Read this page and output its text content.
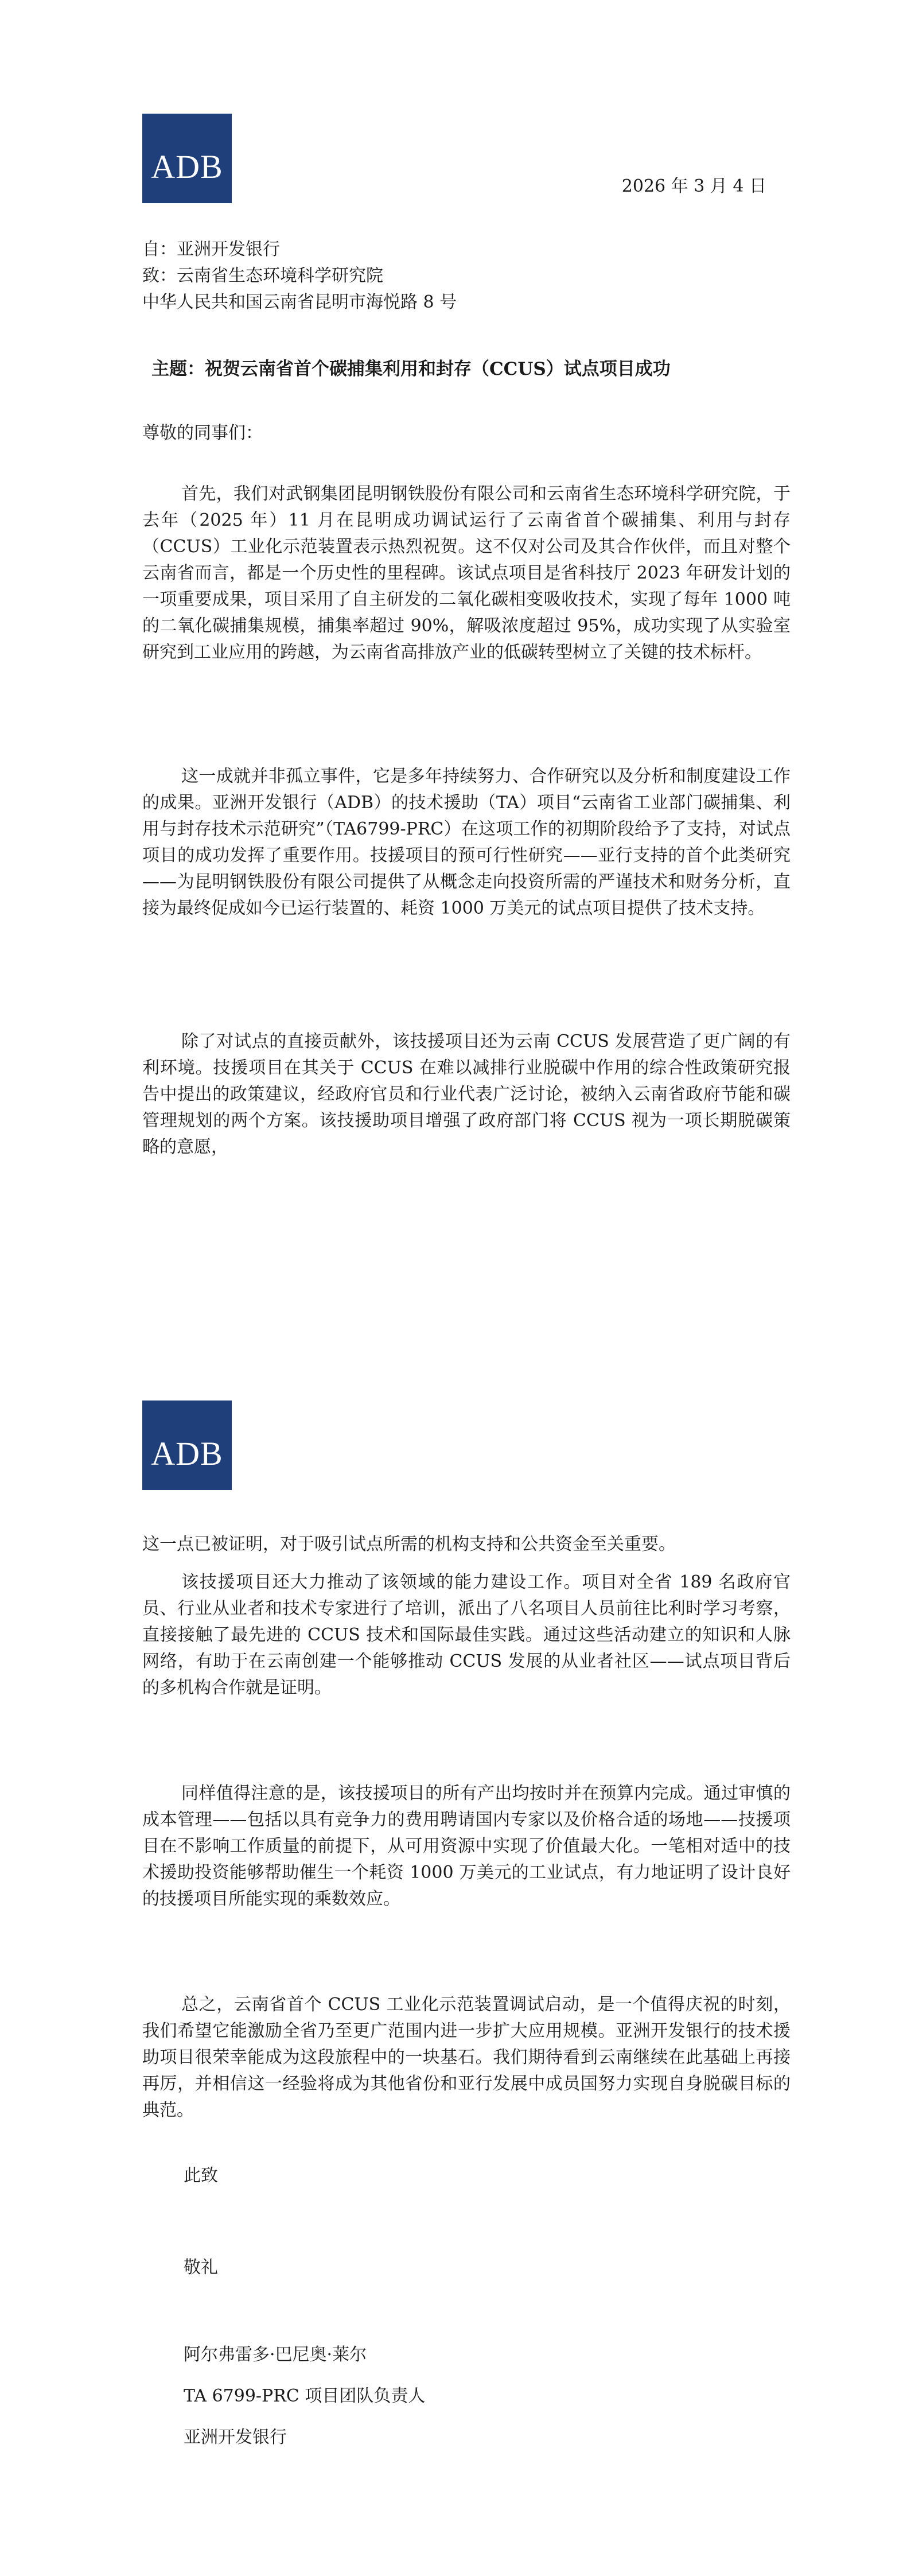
ADB
2026 年 3 月 4 日
自：亚洲开发银行
致：云南省生态环境科学研究院
中华人民共和国云南省昆明市海悦路 8 号
主题：祝贺云南省首个碳捕集利用和封存（CCUS）试点项目成功
尊敬的同事们：

首先，我们对武钢集团昆明钢铁股份有限公司和云南省生态环境科学研究院，于去年（2025 年）11 月在昆明成功调试运行了云南省首个碳捕集、利用与封存（CCUS）工业化示范装置表示热烈祝贺。这不仅对公司及其合作伙伴，而且对整个云南省而言，都是一个历史性的里程碑。该试点项目是省科技厅 2023 年研发计划的一项重要成果，项目采用了自主研发的二氧化碳相变吸收技术，实现了每年 1000 吨的二氧化碳捕集规模，捕集率超过 90%，解吸浓度超过 95%，成功实现了从实验室研究到工业应用的跨越，为云南省高排放产业的低碳转型树立了关键的技术标杆。

这一成就并非孤立事件，它是多年持续努力、合作研究以及分析和制度建设工作的成果。亚洲开发银行（ADB）的技术援助（TA）项目“云南省工业部门碳捕集、利用与封存技术示范研究”（TA6799-PRC）在这项工作的初期阶段给予了支持，对试点项目的成功发挥了重要作用。技援项目的预可行性研究——亚行支持的首个此类研究——为昆明钢铁股份有限公司提供了从概念走向投资所需的严谨技术和财务分析，直接为最终促成如今已运行装置的、耗资 1000 万美元的试点项目提供了技术支持。

除了对试点的直接贡献外，该技援项目还为云南 CCUS 发展营造了更广阔的有利环境。技援项目在其关于 CCUS 在难以减排行业脱碳中作用的综合性政策研究报告中提出的政策建议，经政府官员和行业代表广泛讨论，被纳入云南省政府节能和碳管理规划的两个方案。该技援助项目增强了政府部门将 CCUS 视为一项长期脱碳策略的意愿，

ADB

这一点已被证明，对于吸引试点所需的机构支持和公共资金至关重要。

该技援项目还大力推动了该领域的能力建设工作。项目对全省 189 名政府官员、行业从业者和技术专家进行了培训，派出了八名项目人员前往比利时学习考察，直接接触了最先进的 CCUS 技术和国际最佳实践。通过这些活动建立的知识和人脉网络，有助于在云南创建一个能够推动 CCUS 发展的从业者社区——试点项目背后的多机构合作就是证明。

同样值得注意的是，该技援项目的所有产出均按时并在预算内完成。通过审慎的成本管理——包括以具有竞争力的费用聘请国内专家以及价格合适的场地——技援项目在不影响工作质量的前提下，从可用资源中实现了价值最大化。一笔相对适中的技术援助投资能够帮助催生一个耗资 1000 万美元的工业试点，有力地证明了设计良好的技援项目所能实现的乘数效应。

总之，云南省首个 CCUS 工业化示范装置调试启动，是一个值得庆祝的时刻，我们希望它能激励全省乃至更广范围内进一步扩大应用规模。亚洲开发银行的技术援助项目很荣幸能成为这段旅程中的一块基石。我们期待看到云南继续在此基础上再接再厉，并相信这一经验将成为其他省份和亚行发展中成员国努力实现自身脱碳目标的典范。

此致
敬礼
阿尔弗雷多·巴尼奥·莱尔
TA 6799-PRC 项目团队负责人
亚洲开发银行
